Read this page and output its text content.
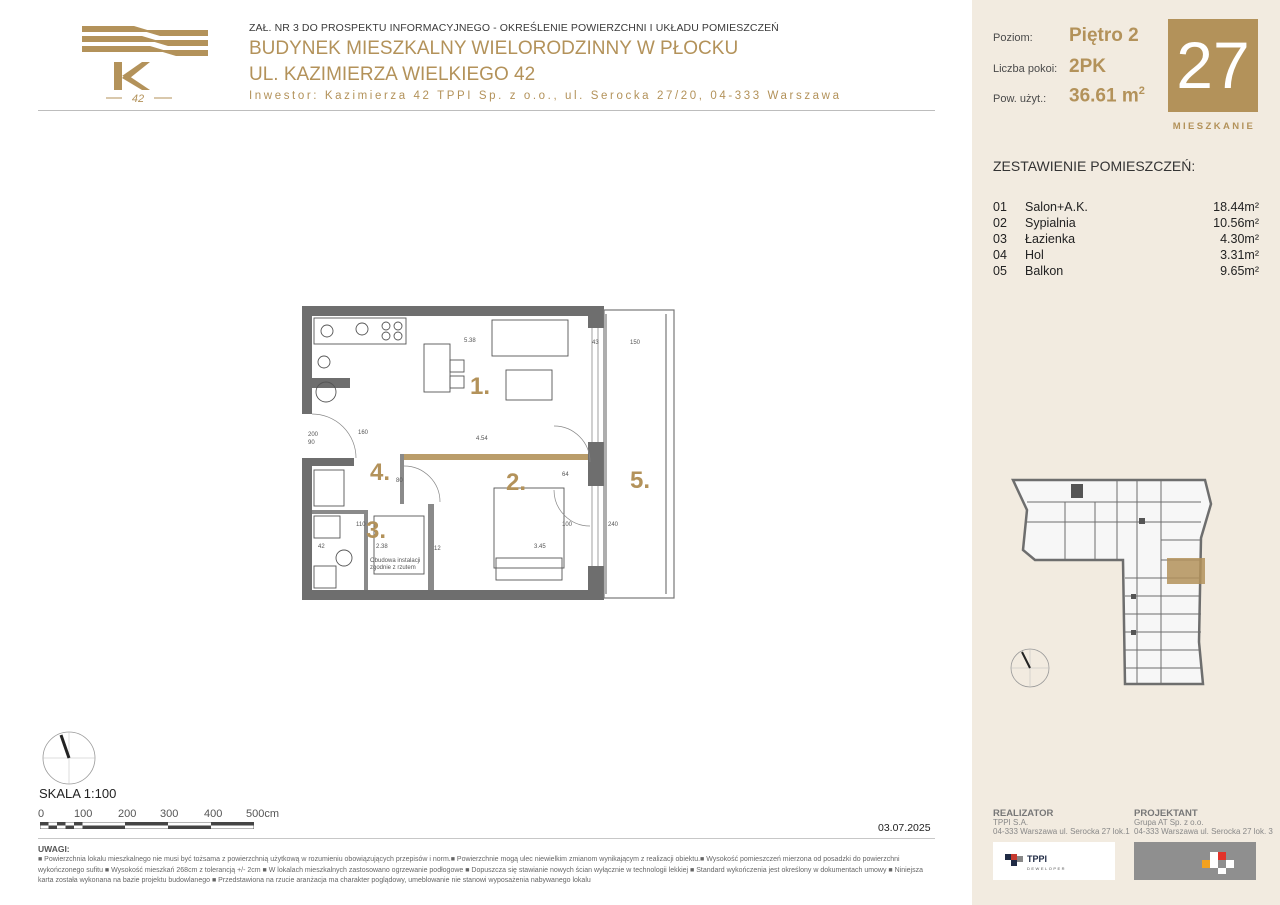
42
ZAŁ. NR 3 DO PROSPEKTU INFORMACYJNEGO - OKREŚLENIE POWIERZCHNI I UKŁADU POMIESZCZEŃ
BUDYNEK MIESZKALNY WIELORODZINNY W PŁOCKU
UL. KAZIMIERZA WIELKIEGO 42
Inwestor: Kazimierza 42 TPPI Sp. z o.o., ul. Serocka 27/20, 04-333 Warszawa
Poziom: Piętro 2
Liczba pokoi: 2PK
Pow. użyt.: 36.61 $m^2$ 27
MIESZKANIE
ZESTAWIENIE POMIESZCZEŃ:
01	Salon+A.K.	18.44m²
02	Sypialnia	10.56m²
03	Łazienka	4.30m²
04	Hol	3.31m²
05	Balkon	9.65m²
REALIZATOR
TPPI S.A.
04-333 Warszawa ul. Serocka 27 lok.1
PROJEKTANT
Grupa AT Sp. z o.o.
04-333 Warszawa ul. Serocka 27 lok. 3
TPPI
DEWELOPER
1.
2.
3.
4.	5.
5.38	150
4.54
3.45
2.38
200
90
80
42
43
64
100
160
110
12
240
Obudowa instalacji
zgodnie z rzutem
SKALA 1:100
0	100 200 300 400 500cm
03.07.2025
UWAGI:
■ Powierzchnia lokalu mieszkalnego nie musi być tożsama z powierzchnią użytkową w rozumieniu obowiązujących przepisów i norm.■ Powierzchnie mogą ulec niewielkim zmianom wynikającym z realizacji obiektu.■ Wysokość pomieszczeń mierzona od posadzki do powierzchni wykończonego sufitu ■ Wysokość mieszkań 268cm z tolerancją +/- 2cm ■ W lokalach mieszkalnych zastosowano ogrzewanie podłogowe ■ Dopuszcza się stawianie nowych ścian wyłącznie w technologii lekkiej ■ Standard wykończenia jest określony w dokumentach umowy ■ Niniejsza karta została wykonana na bazie projektu budowlanego ■ Przedstawiona na rzucie aranżacja ma charakter poglądowy, umeblowanie nie stanowi wyposażenia nabywanego lokalu
